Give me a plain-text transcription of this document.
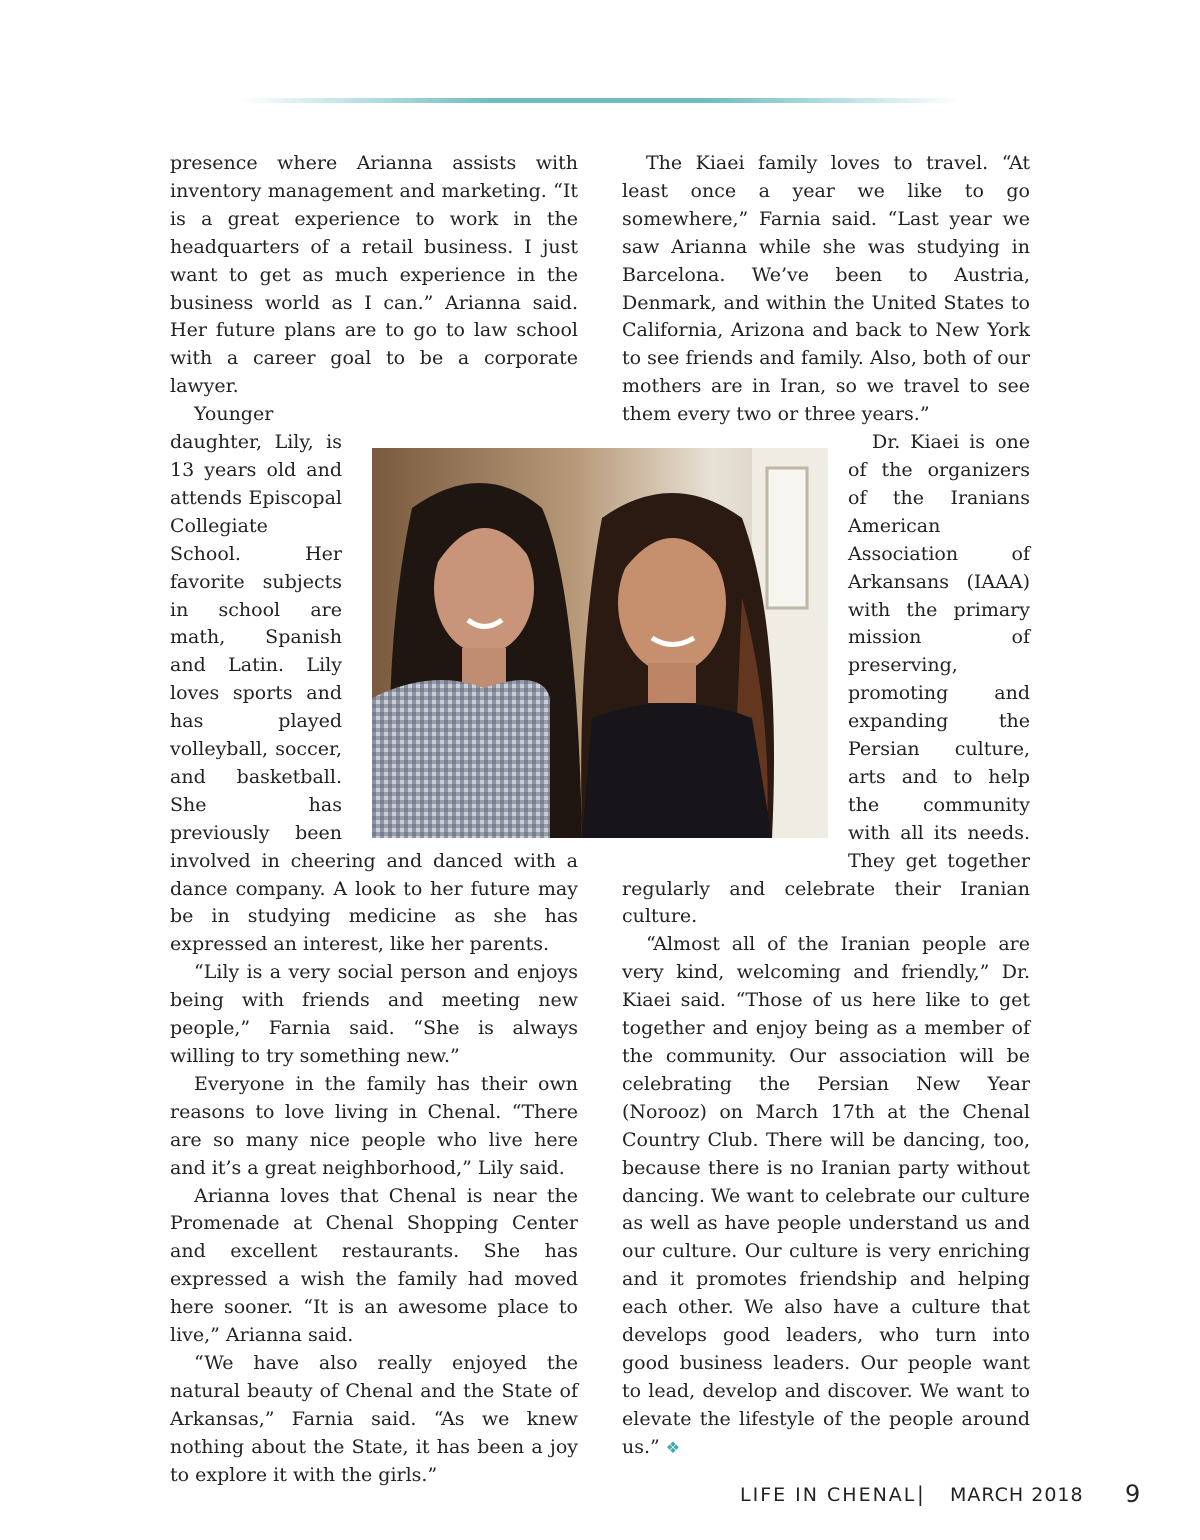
presence where Arianna assists with inventory management and marketing. “It is a great experience to work in the headquarters of a retail business. I just want to get as much experience in the business world as I can.” Arianna said. Her future plans are to go to law school with a career goal to be a corporate lawyer.

Younger daughter, Lily, is 13 years old and attends Episcopal Collegiate School. Her favorite subjects in school are math, Spanish and Latin. Lily loves sports and has played volleyball, soccer, and basketball. She has previously been involved in cheering and danced with a dance company. A look to her future may be in studying medicine as she has expressed an interest, like her parents.

“Lily is a very social person and enjoys being with friends and meeting new people,” Farnia said. “She is always willing to try something new.”

Everyone in the family has their own reasons to love living in Chenal. “There are so many nice people who live here and it’s a great neighborhood,” Lily said.

Arianna loves that Chenal is near the Promenade at Chenal Shopping Center and excellent restaurants. She has expressed a wish the family had moved here sooner. “It is an awesome place to live,” Arianna said.

“We have also really enjoyed the natural beauty of Chenal and the State of Arkansas,” Farnia said. “As we knew nothing about the State, it has been a joy to explore it with the girls.”

The Kiaei family loves to travel. “At least once a year we like to go somewhere,” Farnia said. “Last year we saw Arianna while she was studying in Barcelona. We’ve been to Austria, Denmark, and within the United States to California, Arizona and back to New York to see friends and family. Also, both of our mothers are in Iran, so we travel to see them every two or three years.”

Dr. Kiaei is one of the organizers of the Iranians American Association of Arkansans (IAAA) with the primary mission of preserving, promoting and expanding the Persian culture, arts and to help the community with all its needs. They get together regularly and celebrate their Iranian culture.

“Almost all of the Iranian people are very kind, welcoming and friendly,” Dr. Kiaei said. “Those of us here like to get together and enjoy being as a member of the community. Our association will be celebrating the Persian New Year (Norooz) on March 17th at the Chenal Country Club. There will be dancing, too, because there is no Iranian party without dancing. We want to celebrate our culture as well as have people understand us and our culture. Our culture is very enriching and it promotes friendship and helping each other. We also have a culture that develops good leaders, who turn into good business leaders. Our people want to lead, develop and discover. We want to elevate the lifestyle of the people around us.” ❖

LIFE IN CHENAL | MARCH 2018 9
